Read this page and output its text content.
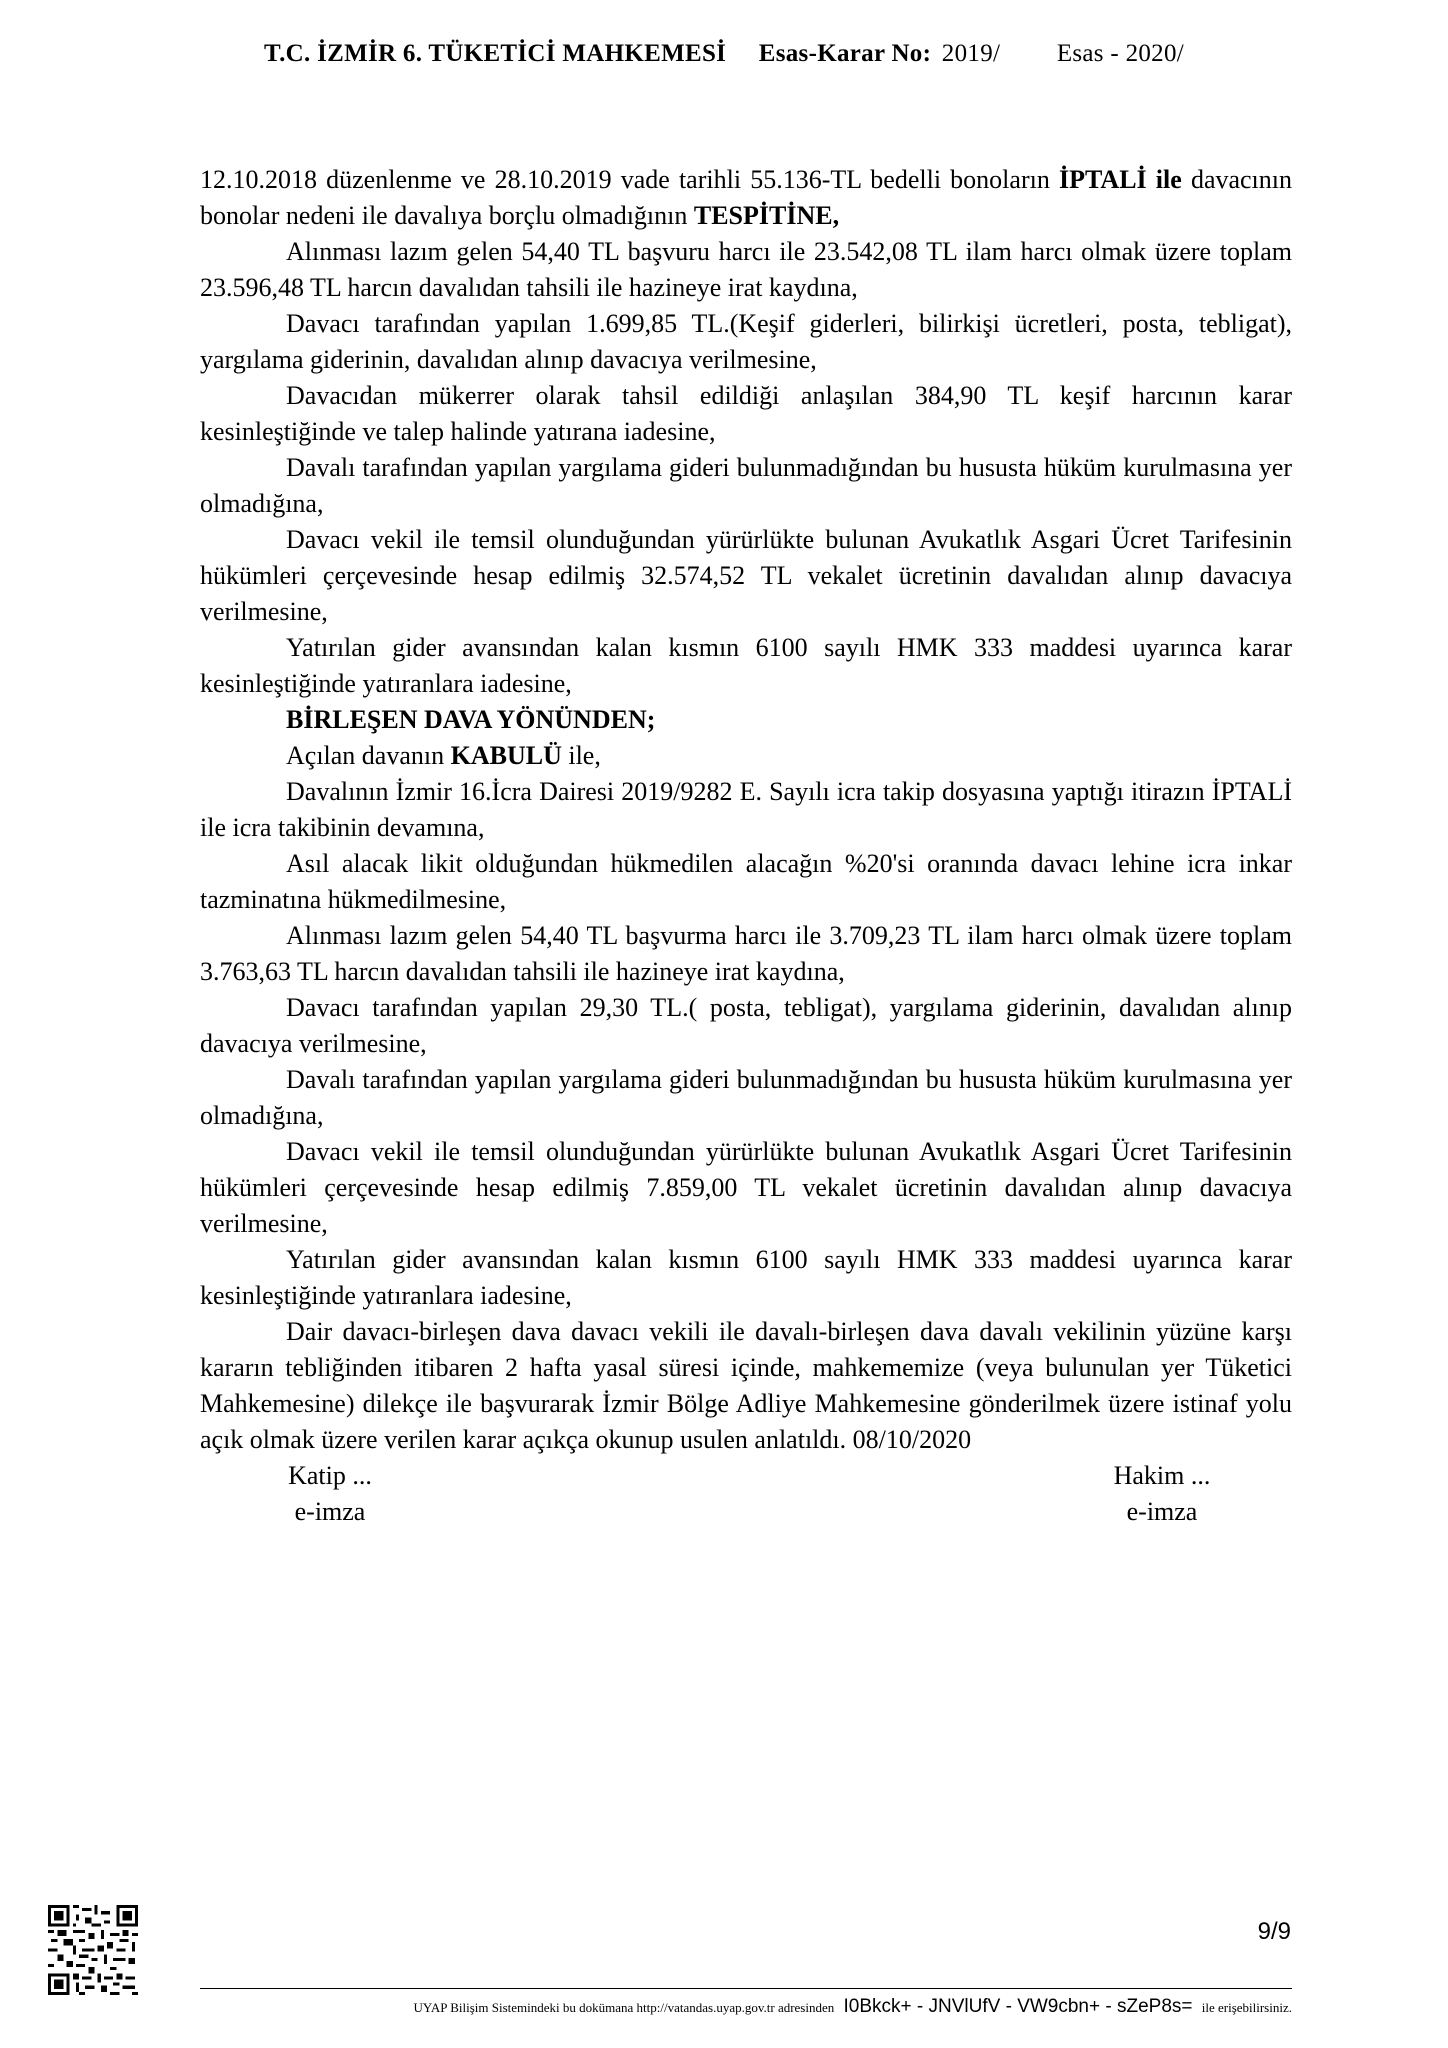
T.C. İZMİR 6. TÜKETİCİ MAHKEMESİ Esas-Karar No: 2019/ Esas - 2020/

12.10.2018 düzenlenme ve 28.10.2019 vade tarihli 55.136-TL bedelli bonoların İPTALİ ile davacının bonolar nedeni ile davalıya borçlu olmadığının TESPİTİNE,

Alınması lazım gelen 54,40 TL başvuru harcı ile 23.542,08 TL ilam harcı olmak üzere toplam 23.596,48 TL harcın davalıdan tahsili ile hazineye irat kaydına,

Davacı tarafından yapılan 1.699,85 TL.(Keşif giderleri, bilirkişi ücretleri, posta, tebligat), yargılama giderinin, davalıdan alınıp davacıya verilmesine,

Davacıdan mükerrer olarak tahsil edildiği anlaşılan 384,90 TL keşif harcının karar kesinleştiğinde ve talep halinde yatırana iadesine,

Davalı tarafından yapılan yargılama gideri bulunmadığından bu hususta hüküm kurulmasına yer olmadığına,

Davacı vekil ile temsil olunduğundan yürürlükte bulunan Avukatlık Asgari Ücret Tarifesinin hükümleri çerçevesinde hesap edilmiş 32.574,52 TL vekalet ücretinin davalıdan alınıp davacıya verilmesine,

Yatırılan gider avansından kalan kısmın 6100 sayılı HMK 333 maddesi uyarınca karar kesinleştiğinde yatıranlara iadesine,

BİRLEŞEN DAVA YÖNÜNDEN;

Açılan davanın KABULÜ ile,

Davalının İzmir 16.İcra Dairesi 2019/9282 E. Sayılı icra takip dosyasına yaptığı itirazın İPTALİ ile icra takibinin devamına,

Asıl alacak likit olduğundan hükmedilen alacağın %20'si oranında davacı lehine icra inkar tazminatına hükmedilmesine,

Alınması lazım gelen 54,40 TL başvurma harcı ile 3.709,23 TL ilam harcı olmak üzere toplam 3.763,63 TL harcın davalıdan tahsili ile hazineye irat kaydına,

Davacı tarafından yapılan 29,30 TL.( posta, tebligat), yargılama giderinin, davalıdan alınıp davacıya verilmesine,

Davalı tarafından yapılan yargılama gideri bulunmadığından bu hususta hüküm kurulmasına yer olmadığına,

Davacı vekil ile temsil olunduğundan yürürlükte bulunan Avukatlık Asgari Ücret Tarifesinin hükümleri çerçevesinde hesap edilmiş 7.859,00 TL vekalet ücretinin davalıdan alınıp davacıya verilmesine,

Yatırılan gider avansından kalan kısmın 6100 sayılı HMK 333 maddesi uyarınca karar kesinleştiğinde yatıranlara iadesine,

Dair davacı-birleşen dava davacı vekili ile davalı-birleşen dava davalı vekilinin yüzüne karşı kararın tebliğinden itibaren 2 hafta yasal süresi içinde, mahkememize (veya bulunulan yer Tüketici Mahkemesine) dilekçe ile başvurarak İzmir Bölge Adliye Mahkemesine gönderilmek üzere istinaf yolu açık olmak üzere verilen karar açıkça okunup usulen anlatıldı. 08/10/2020

Katip ...
e-imza
Hakim ...
e-imza
9/9
UYAP Bilişim Sistemindeki bu dokümana http://vatandas.uyap.gov.tr adresinden I0Bkck+ - JNVlUfV - VW9cbn+ - sZeP8s= ile erişebilirsiniz.
